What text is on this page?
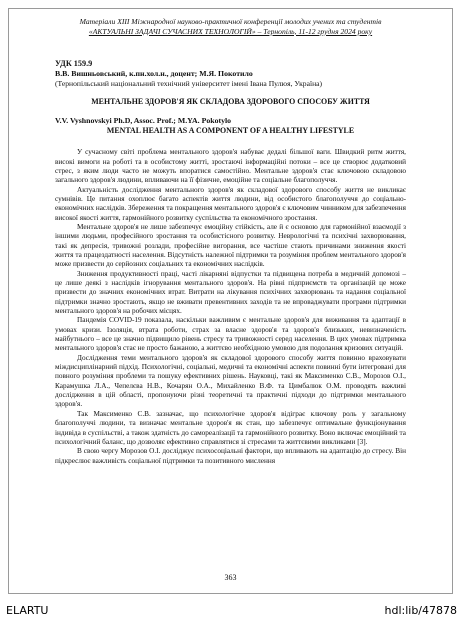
Матеріали ХІІІ Міжнародної науково-практичної конференції молодих учених та студентів
«АКТУАЛЬНІ ЗАДАЧІ СУЧАСНИХ ТЕХНОЛОГІЙ» – Тернопіль, 11-12 грудня 2024 року
УДК 159.9
В.В. Вишньовський, к.пн.хол.н., доцент; М.Я. Покотило
(Тернопільський національний технічний університет імені Івана Пулюя, Україна)
МЕНТАЛЬНЕ ЗДОРОВ'Я ЯК СКЛАДОВА ЗДОРОВОГО СПОСОБУ ЖИТТЯ
V.V. Vyshnovskyi Ph.D, Assoc. Prof.; M.YA. Pokotylo
MENTAL HEALTH AS A COMPONENT OF A HEALTHY LIFESTYLE

У сучасному світі проблема ментального здоров'я набуває дедалі більшої ваги. Швидкий ритм життя, високі вимоги на роботі та в особистому житті, зростаючі інформаційні потоки – все це створює додатковий стрес, з яким люди часто не можуть впоратися самостійно. Ментальне здоров'я стає ключовою складовою загального здоров'я людини, впливаючи на її фізичне, емоційне та соціальне благополуччя.

Актуальність дослідження ментального здоров'я як складової здорового способу життя не викликає сумнівів. Це питання охоплює багато аспектів життя людини, від особистого благополуччя до соціально-економічних наслідків. Збереження та покращення ментального здоров'я є ключовим чинником для забезпечення високої якості життя, гармонійного розвитку суспільства та економічного зростання.

Ментальне здоров'я не лише забезпечує емоційну стійкість, але й є основою для гармонійної взаємодії з іншими людьми, професійного зростання та особистісного розвитку. Неврологічні та психічні захворювання, такі як депресія, тривожні розлади, професійне вигорання, все частіше стають причинами зниження якості життя та працездатності населення. Відсутність належної підтримки та розуміння проблем ментального здоров'я може призвести до серйозних соціальних та економічних наслідків.

Зниження продуктивності праці, часті лікарняні відпустки та підвищена потреба в медичній допомозі – це лише деякі з наслідків ігнорування ментального здоров'я. На рівні підприємств та організацій це може призвести до значних економічних втрат. Витрати на лікування психічних захворювань та надання соціальної підтримки значно зростають, якщо не вживати превентивних заходів та не впроваджувати програми підтримки ментального здоров'я на робочих місцях.

Пандемія COVID-19 показала, наскільки важливим є ментальне здоров'я для виживання та адаптації в умовах кризи. Ізоляція, втрата роботи, страх за власне здоров'я та здоров'я близьких, невизначеність майбутнього – все це значно підвищило рівень стресу та тривожності серед населення. В цих умовах підтримка ментального здоров'я стає не просто бажаною, а життєво необхідною умовою для подолання кризових ситуацій.

Дослідження теми ментального здоров'я як складової здорового способу життя повинно враховувати міждисциплінарний підхід. Психологічні, соціальні, медичні та економічні аспекти повинні бути інтегровані для повного розуміння проблеми та пошуку ефективних рішень. Науковці, такі як Максименко С.В., Морозов О.І., Карамушка Л.А., Чепелєва Н.В., Кочарян О.А., Михайленко В.Ф. та Цимбалюк О.М. проводять важливі дослідження в цій області, пропонуючи різні теоретичні та практичні підходи до підтримки ментального здоров'я.

Так Максименко С.В. зазначає, що психологічне здоров'я відіграє ключову роль у загальному благополуччі людини, та визначає ментальне здоров'я як стан, що забезпечує оптимальне функціонування індивіда в суспільстві, а також здатність до самореалізації та гармонійного розвитку. Воно включає емоційний та психологічний баланс, що дозволяє ефективно справлятися зі стресами та життєвими викликами [3].

В свою чергу Морозов О.І. досліджує психосоціальні фактори, що впливають на адаптацію до стресу. Він підкреслює важливість соціальної підтримки та позитивного мислення

363
ELARTU	hdl:lib/47878
